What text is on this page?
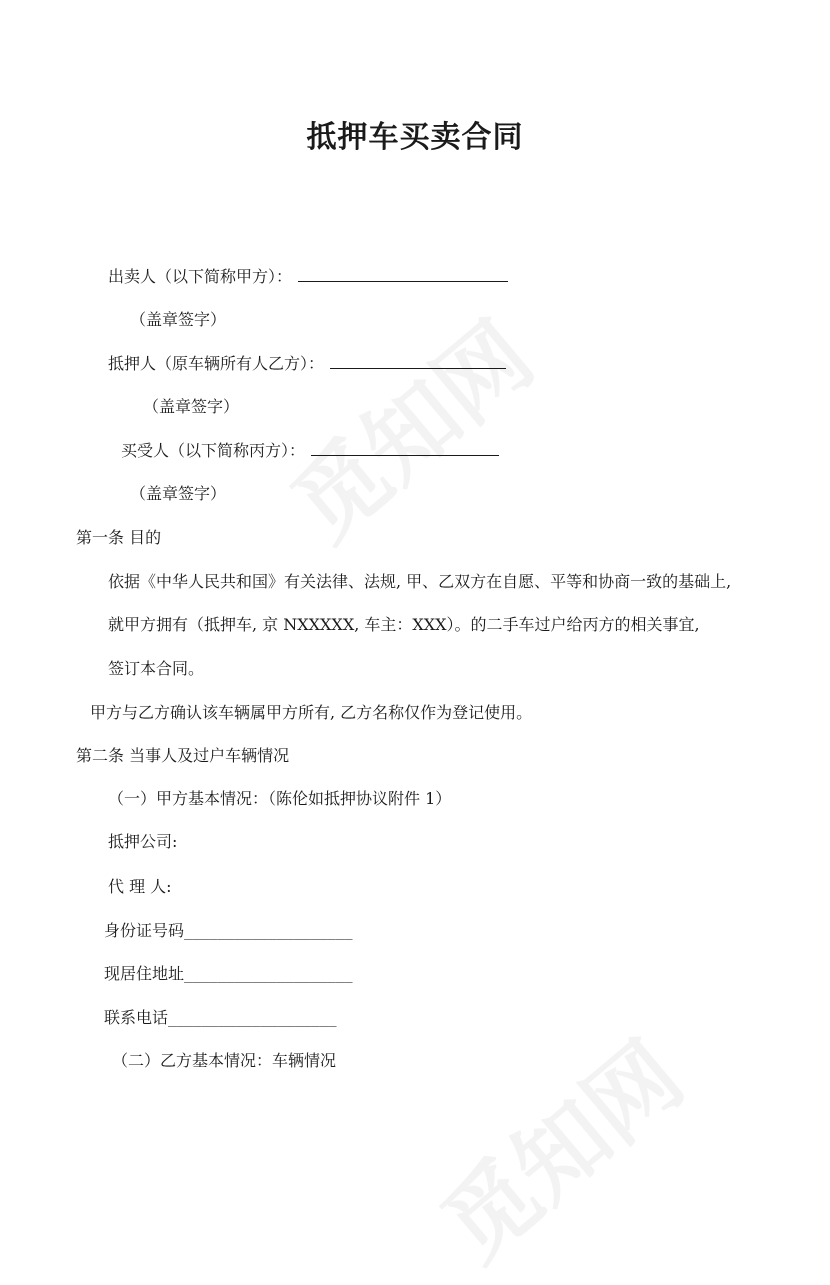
抵押车买卖合同
出卖人（以下简称甲方）：
（盖章签字）
抵押人（原车辆所有人乙方）：
（盖章签字）
买受人（以下简称丙方）：
（盖章签字）
第一条 目的
依据《中华人民共和国》有关法律、法规, 甲、乙双方在自愿、平等和协商一致的基础上,
就甲方拥有（抵押车, 京 NXXXXX, 车主：XXX）。的二手车过户给丙方的相关事宜,
签订本合同。
甲方与乙方确认该车辆属甲方所有, 乙方名称仅作为登记使用。
第二条 当事人及过户车辆情况
（一）甲方基本情况：（陈伦如抵押协议附件 1）
抵押公司:
代 理 人:
身份证号码____________________
现居住地址____________________
联系电话____________________
（二）乙方基本情况：车辆情况
